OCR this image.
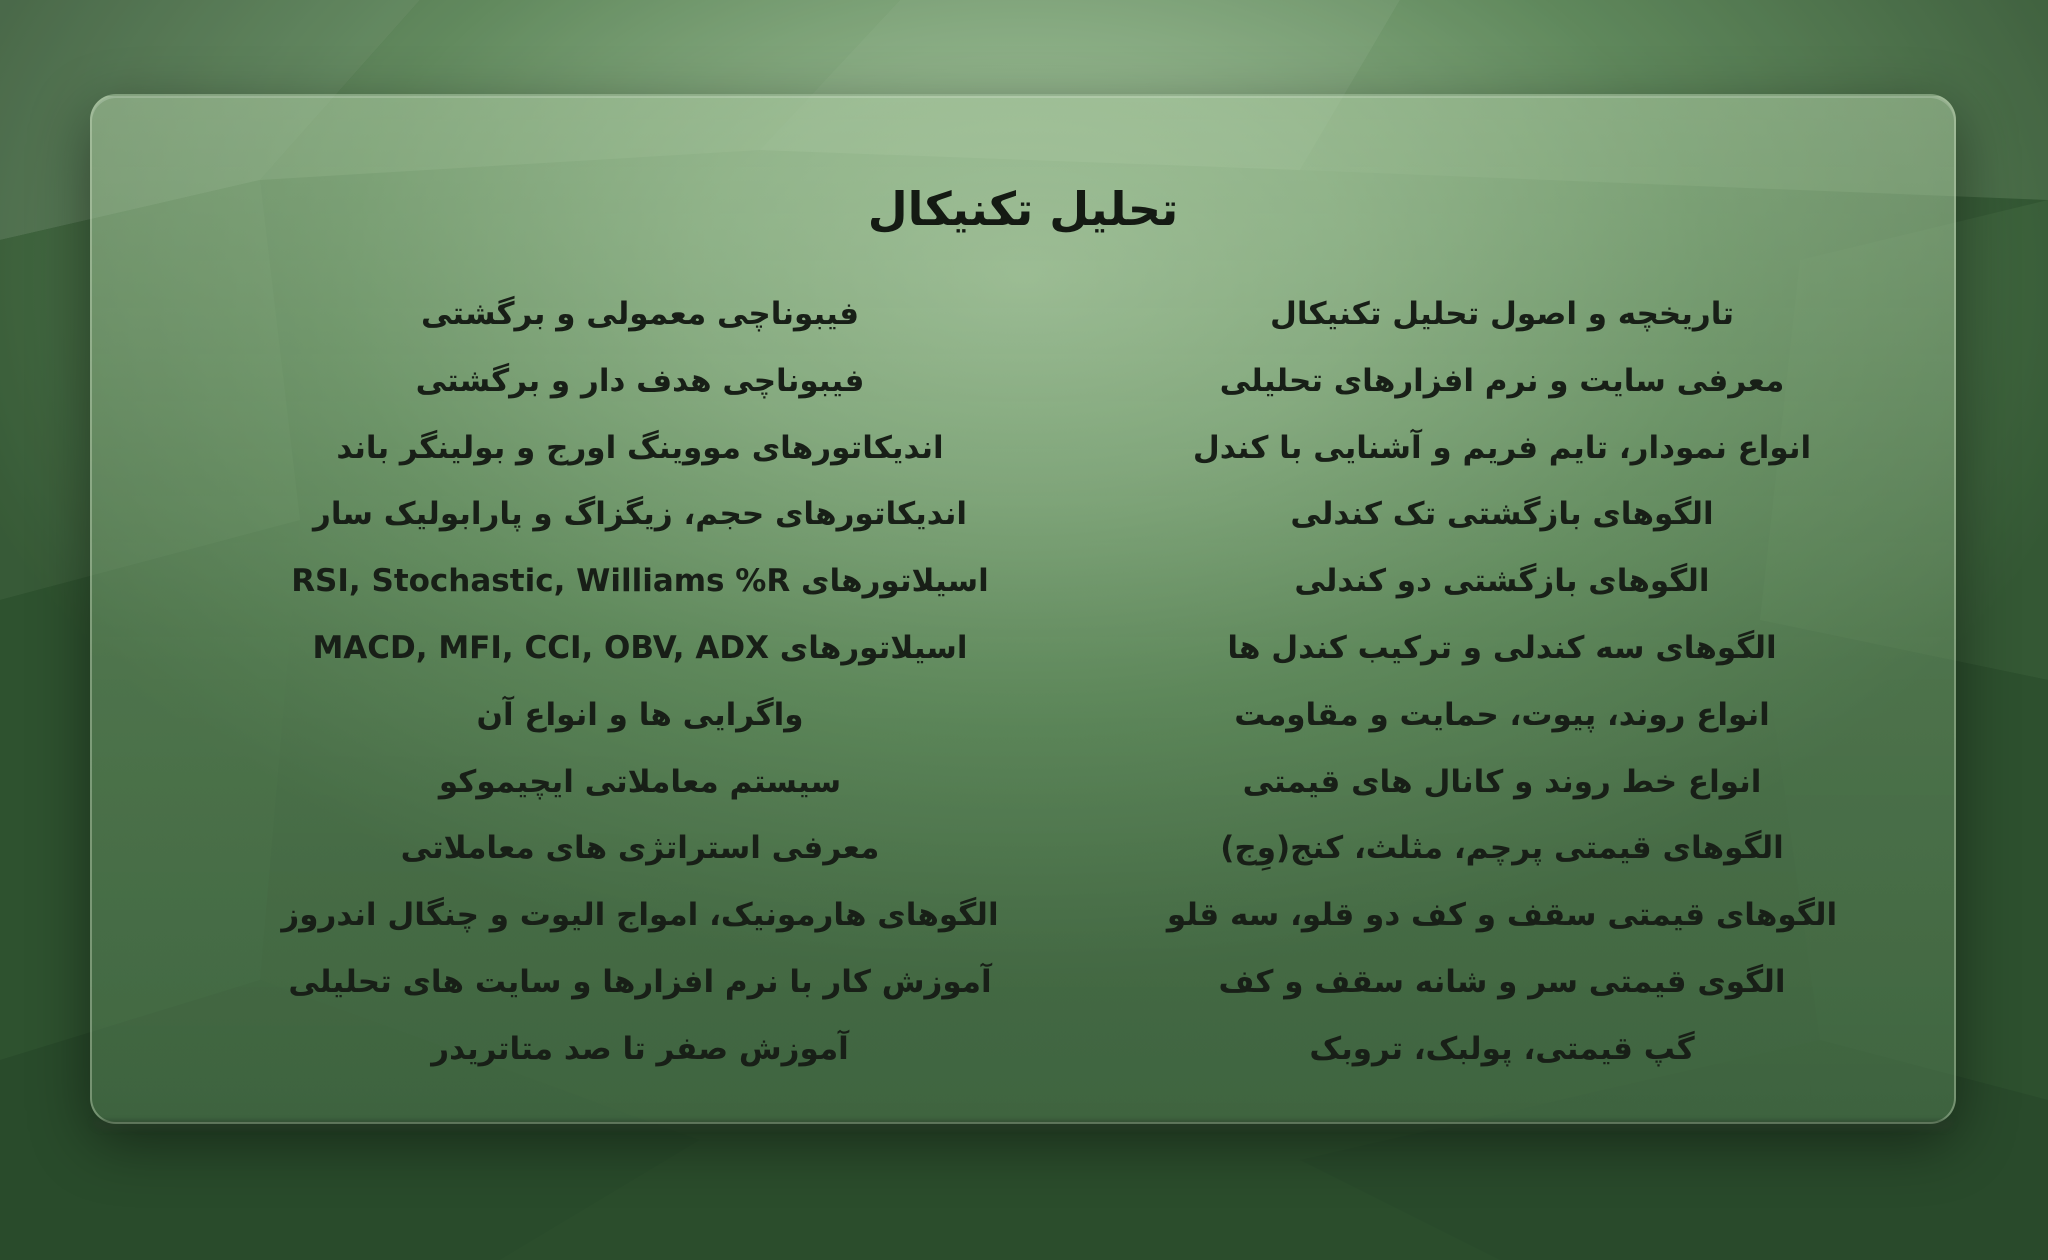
تحلیل تکنیکال
تاریخچه و اصول تحلیل تکنیکال
معرفی سایت و نرم افزارهای تحلیلی
انواع نمودار، تایم فریم و آشنایی با کندل
الگوهای بازگشتی تک کندلی
الگوهای بازگشتی دو کندلی
الگوهای سه کندلی و ترکیب کندل ها
انواع روند، پیوت، حمایت و مقاومت
انواع خط روند و کانال های قیمتی
الگوهای قیمتی پرچم، مثلث، کنج(وِج)
الگوهای قیمتی سقف و کف دو قلو، سه قلو
الگوی قیمتی سر و شانه سقف و کف
گپ قیمتی، پولبک، تروبک
فیبوناچی معمولی و برگشتی
فیبوناچی هدف دار و برگشتی
اندیکاتورهای مووینگ اورج و بولینگر باند
اندیکاتورهای حجم، زیگزاگ و پارابولیک سار
اسیلاتورهای RSI, Stochastic, Williams %R
اسیلاتورهای MACD, MFI, CCI, OBV, ADX
واگرایی ها و انواع آن
سیستم معاملاتی ایچیموکو
معرفی استراتژی های معاملاتی
الگوهای هارمونیک، امواج الیوت و چنگال اندروز
آموزش کار با نرم افزارها و سایت های تحلیلی
آموزش صفر تا صد متاتریدر
